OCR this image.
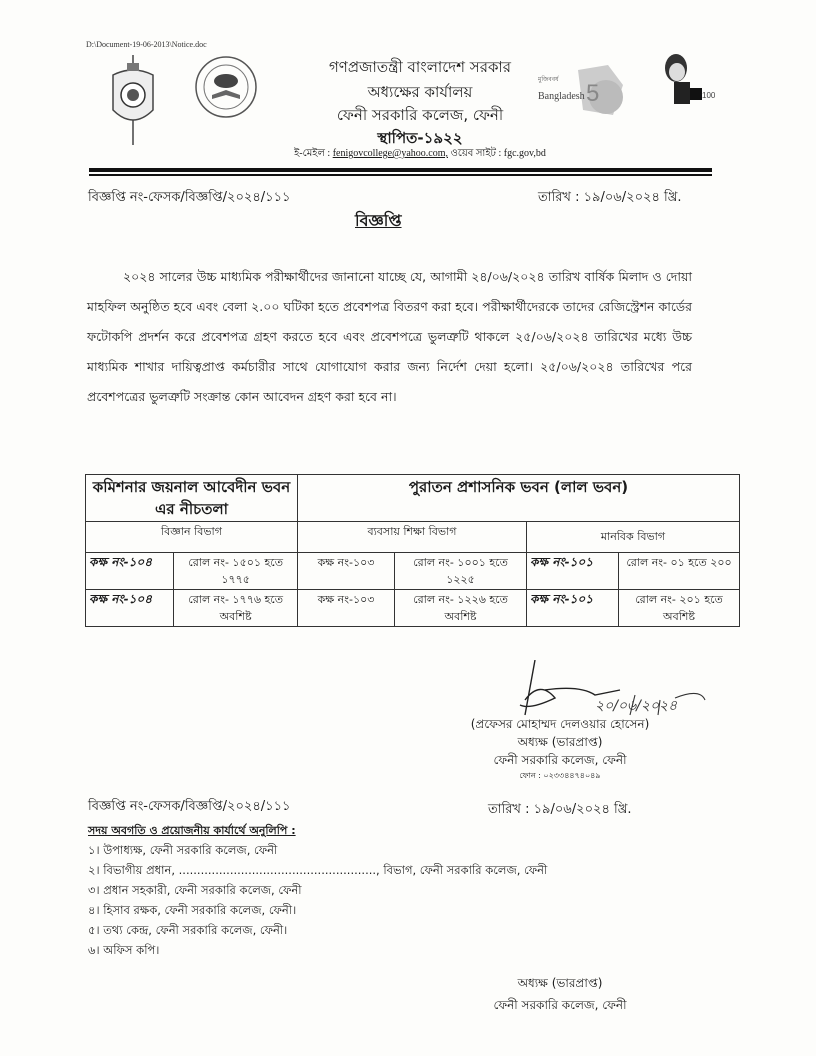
D:\Document-19-06-2013\Notice.doc
মুজিববর্ষ
Bangladesh 5	100
গণপ্রজাতন্ত্রী বাংলাদেশ সরকার
অধ্যক্ষের কার্যালয়
ফেনী সরকারি কলেজ, ফেনী
স্থাপিত-১৯২২
ই-মেইল : fenigovcollege@yahoo.com, ওয়েব সাইট : fgc.gov,bd
বিজ্ঞপ্তি নং-ফেসক/বিজ্ঞপ্তি/২০২৪/১১১	তারিখ : ১৯/০৬/২০২৪ খ্রি.
বিজ্ঞপ্তি
২০২৪ সালের উচ্চ মাধ্যমিক পরীক্ষার্থীদের জানানো যাচ্ছে যে, আগামী ২৪/০৬/২০২৪ তারিখ বার্ষিক মিলাদ ও দোয়া মাহফিল অনুষ্ঠিত হবে এবং বেলা ২.০০ ঘটিকা হতে প্রবেশপত্র বিতরণ করা হবে। পরীক্ষার্থীদেরকে তাদের রেজিস্ট্রেশন কার্ডের ফটোকপি প্রদর্শন করে প্রবেশপত্র গ্রহণ করতে হবে এবং প্রবেশপত্রে ভুলত্রুটি থাকলে ২৫/০৬/২০২৪ তারিখের মধ্যে উচ্চ মাধ্যমিক শাখার দায়িত্বপ্রাপ্ত কর্মচারীর সাথে যোগাযোগ করার জন্য নির্দেশ দেয়া হলো। ২৫/০৬/২০২৪ তারিখের পরে প্রবেশপত্রের ভুলত্রুটি সংক্রান্ত কোন আবেদন গ্রহণ করা হবে না।
কমিশনার জয়নাল আবেদীন ভবন এর নীচতলা		পুরাতন প্রশাসনিক ভবন (লাল ভবন)			
বিজ্ঞান বিভাগ		ব্যবসায় শিক্ষা বিভাগ		মানবিক বিভাগ	
কক্ষ নং-১০৪	রোল নং- ১৫০১ হতে ১৭৭৫	কক্ষ নং-১০৩	রোল নং- ১০০১ হতে ১২২৫	কক্ষ নং-১০১	রোল নং- ০১ হতে ২০০
কক্ষ নং-১০৪	রোল নং- ১৭৭৬ হতে অবশিষ্ট	কক্ষ নং-১০৩	রোল নং- ১২২৬ হতে অবশিষ্ট	কক্ষ নং-১০১	রোল নং- ২০১ হতে অবশিষ্ট
২০/০৬/২০২৪
(প্রফেসর মোহাম্মদ দেলওয়ার হোসেন)
অধ্যক্ষ (ভারপ্রাপ্ত)
ফেনী সরকারি কলেজ, ফেনী
ফোন : ০২৩৩৪৪৭৪০৪৯
বিজ্ঞপ্তি নং-ফেসক/বিজ্ঞপ্তি/২০২৪/১১১	তারিখ : ১৯/০৬/২০২৪ খ্রি.
সদয় অবগতি ও প্রয়োজনীয় কার্যার্থে অনুলিপি :
১। উপাধ্যক্ষ, ফেনী সরকারি কলেজ, ফেনী
২। বিভাগীয় প্রধান, ......................................................, বিভাগ, ফেনী সরকারি কলেজ, ফেনী
৩। প্রধান সহকারী, ফেনী সরকারি কলেজ, ফেনী
৪। হিসাব রক্ষক, ফেনী সরকারি কলেজ, ফেনী।
৫। তথ্য কেন্দ্র, ফেনী সরকারি কলেজ, ফেনী।
৬। অফিস কপি।
অধ্যক্ষ (ভারপ্রাপ্ত)
ফেনী সরকারি কলেজ, ফেনী
